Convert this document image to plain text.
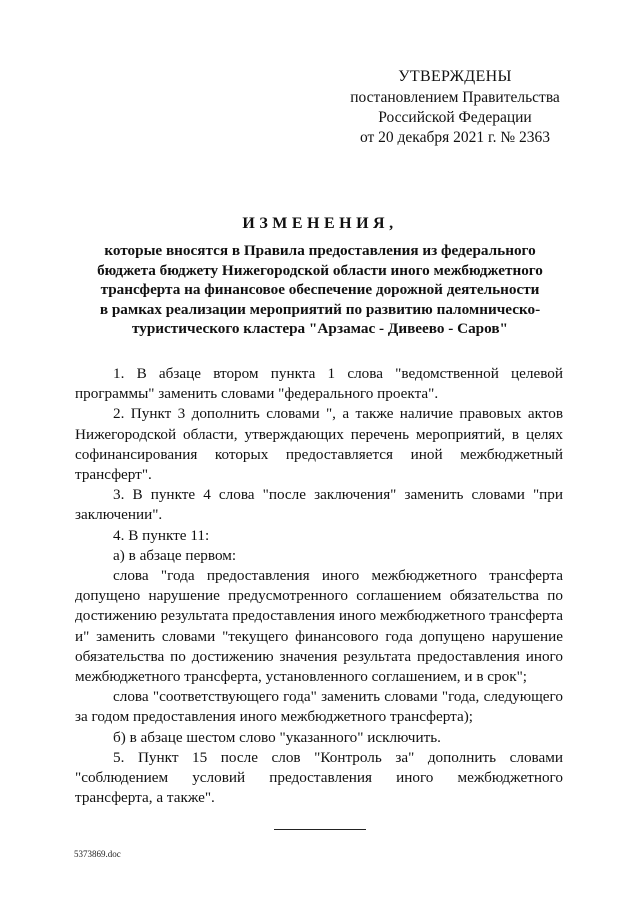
УТВЕРЖДЕНЫ
постановлением Правительства
Российской Федерации
от 20 декабря 2021 г. № 2363
ИЗМЕНЕНИЯ,
которые вносятся в Правила предоставления из федерального
бюджета бюджету Нижегородской области иного межбюджетного
трансферта на финансовое обеспечение дорожной деятельности
в рамках реализации мероприятий по развитию паломническо-
туристического кластера "Арзамас - Дивеево - Саров"

1. В абзаце втором пункта 1 слова "ведомственной целевой программы" заменить словами "федерального проекта".

2. Пункт 3 дополнить словами ", а также наличие правовых актов Нижегородской области, утверждающих перечень мероприятий, в целях софинансирования которых предоставляется иной межбюджетный трансферт".

3. В пункте 4 слова "после заключения" заменить словами "при заключении".

4. В пункте 11:

а) в абзаце первом:

слова "года предоставления иного межбюджетного трансферта допущено нарушение предусмотренного соглашением обязательства по достижению результата предоставления иного межбюджетного трансферта и" заменить словами "текущего финансового года допущено нарушение обязательства по достижению значения результата предоставления иного межбюджетного трансферта, установленного соглашением, и в срок";

слова "соответствующего года" заменить словами "года, следующего за годом предоставления иного межбюджетного трансферта);

б) в абзаце шестом слово "указанного" исключить.

5. Пункт 15 после слов "Контроль за" дополнить словами "соблюдением условий предоставления иного межбюджетного трансферта, а также".

5373869.doc
